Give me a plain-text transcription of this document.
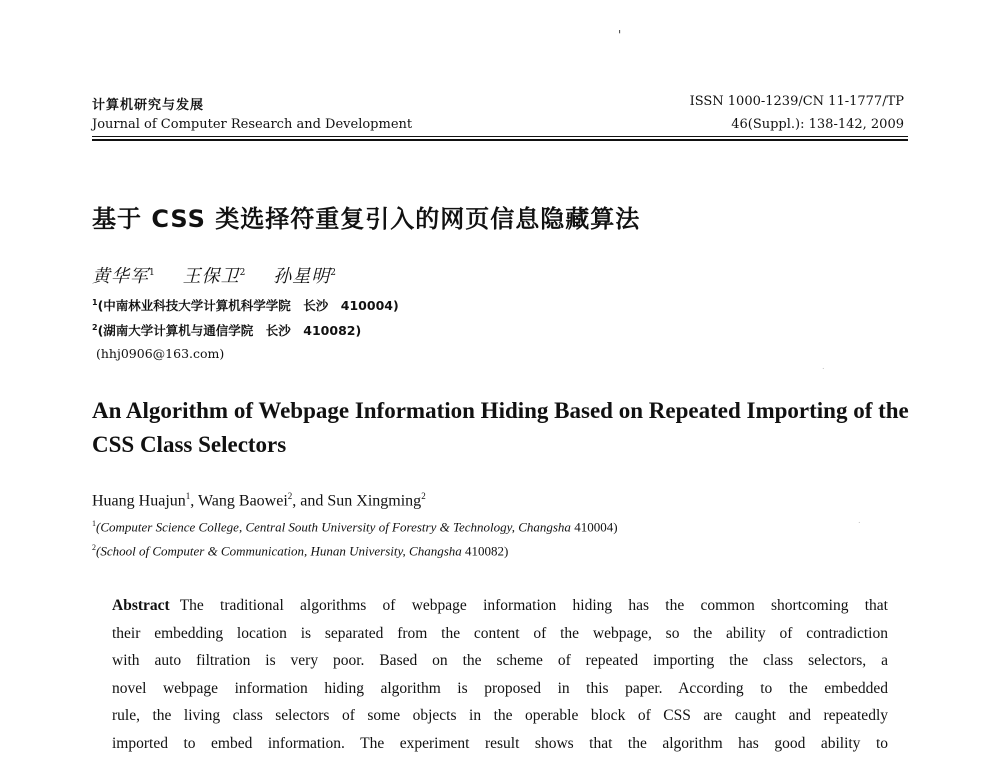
'
.
.
计算机研究与发展
Journal of Computer Research and Development
ISSN 1000-1239/CN 11-1777/TP
46(Suppl.): 138-142, 2009
基于 CSS 类选择符重复引入的网页信息隐藏算法
黄华军$^1$ 王保卫$^2$ 孙星明$^2$
$^1$(中南林业科技大学计算机科学学院　长沙　410004)
$^2$(湖南大学计算机与通信学院　长沙　410082)
(hhj0906@163.com)
An Algorithm of Webpage Information Hiding Based on Repeated Importing of the CSS Class Selectors
Huang Huajun$^1$, Wang Baowei$^2$, and Sun Xingming$^2$
$^1$(Computer Science College, Central South University of Forestry & Technology, Changsha 410004)
$^2$(School of Computer & Communication, Hunan University, Changsha 410082)
Abstract The traditional algorithms of webpage information hiding has the common shortcoming that
their embedding location is separated from the content of the webpage, so the ability of contradiction
with auto filtration is very poor. Based on the scheme of repeated importing the class selectors, a
novel webpage information hiding algorithm is proposed in this paper. According to the embedded
rule, the living class selectors of some objects in the operable block of CSS are caught and repeatedly
imported to embed information. The experiment result shows that the algorithm has good ability to
